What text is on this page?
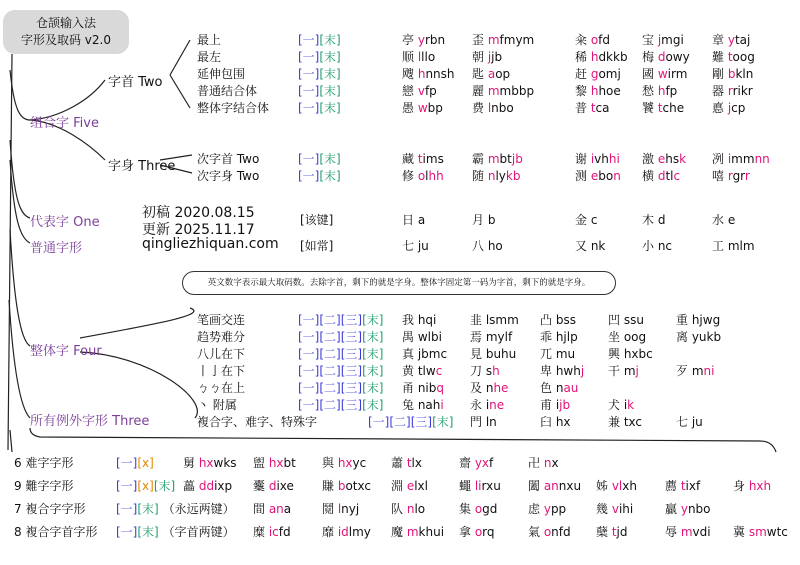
仓颉输入法
字形及取码 v2.0
组合字 Five
字首 Two
字身 Three
代表字 One
普通字形
整体字 Four
所有例外字形 Three
初稿 2020.08.15
更新 2025.11.17
qingliezhiquan.com
[该键]
[如常]
英文数字表示最大取码数。去除字首，剩下的就是字身。整体字固定第一码为字首，剩下的就是字身。
最上	[一][末]	亭 yrbn 歪 mfmym	籴 ofd	宝 jmgi 章 ytaj
最左	[一][末]	顺 lllo	朝 jjb	稀 hdkkb 梅 dowy 難 toog
延伸包围	[一][末]	飕 hnnsh 匙 aop	赶 gomj 國 wirm 剛 bkln
普通结合体	[一][末]	戀 vfp	麗 mmbbp	黎 hhoe 愁 hfp	器 rrikr
整体字结合体 [一][末]	愚 wbp 费 lnbo	普 tca	饕 tche 悳 jcp
次字首 Two	[一][末]	藏 tims 霸 mbtjb	谢 ivhhi 激 ehsk 冽 immnn
次字身 Two	[一][末]	修 olhh 随 nlykb	测 ebon 横 dtlc	嘻 rgrr
日 a	月 b	金 c	木 d	水 e
七 ju	八 ho	又 nk	小 nc	工 mlm
笔画交连	[一][二][三][末] 我 hqi	韭 lsmm 凸 bss	凹 ssu	重 hjwg
趋势难分	[一][二][三][末] 禺 wlbi 焉 mylf 乖 hjlp	坐 oog 离 yukb
八儿在下	[一][二][三][末] 真 jbmc 見 buhu 兀 mu	興 hxbc
丨亅在下	[一][二][三][末] 黄 tlwc 刀 sh	卑 hwhj 干 mj	歹 mni
ㄅㄅ在上	[一][二][三][末] 甬 nibq 及 nhe	色 nau
丶 附属	[一][二][三][末] 兔 nahi 永 ine	甫 ijb	犬 ik
複合字、难字、特殊字	[一][二][三][末] 門 ln	臼 hx	兼 txc	七 ju
6 难字字形	[一][x] 舅 hxwks 盥 hxbt 與 hxyc 蕭 tlx	齋 yxf	卍 nx
9 難字字形	[一][x][末] 藟 ddixp 櫜 dixe 賺 botxc 淵 elxl	蠅 lirxu 闔 annxu 姊 vlxh 薦 tixf	身 hxh
7 複合字字形	[一][末] （永远两键） 間 ana	鬩 lnyj	队 nlo	集 ogd	虑 ypp 幾 vihi	贏 ynbo
8 複合字首字形 [一][末] （字首两键） 糜 icfd	靡 idlmy 魔 mkhui 拿 orq	氣 onfd 蘖 tjd	辱 mvdi 冀 smwtc
